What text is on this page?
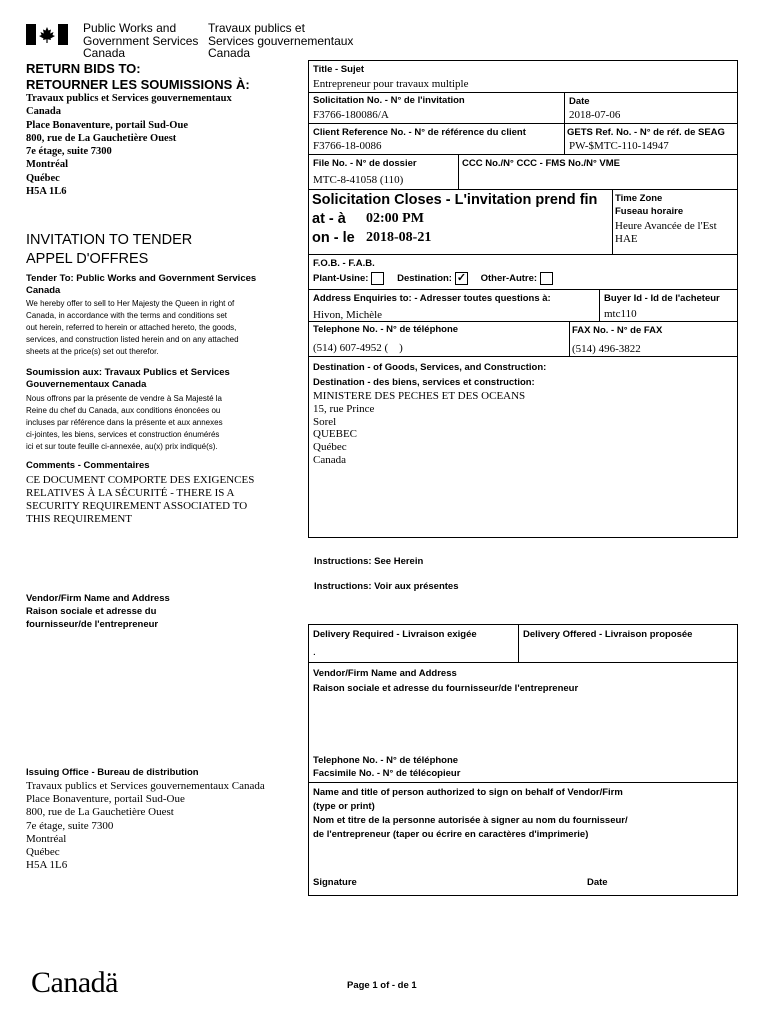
Public Works and
Government Services
Canada
Travaux publics et
Services gouvernementaux
Canada
RETURN BIDS TO:
RETOURNER LES SOUMISSIONS À:
Travaux publics et Services gouvernementaux
Canada
Place Bonaventure, portail Sud-Oue
800, rue de La Gauchetière Ouest
7e étage, suite 7300
Montréal
Québec
H5A 1L6
INVITATION TO TENDER
APPEL D'OFFRES
Tender To: Public Works and Government Services Canada
We hereby offer to sell to Her Majesty the Queen in right of
Canada, in accordance with the terms and conditions set
out herein, referred to herein or attached hereto, the goods,
services, and construction listed herein and on any attached
sheets at the price(s) set out therefor.
Soumission aux: Travaux Publics et Services Gouvernementaux Canada
Nous offrons par la présente de vendre à Sa Majesté la
Reine du chef du Canada, aux conditions énoncées ou
incluses par référence dans la présente et aux annexes
ci-jointes, les biens, services et construction énumérés
ici et sur toute feuille ci-annexée, au(x) prix indiqué(s).
Comments - Commentaires
CE DOCUMENT COMPORTE DES EXIGENCES
RELATIVES À LA SÉCURITÉ - THERE IS A
SECURITY REQUIREMENT ASSOCIATED TO
THIS REQUIREMENT
Vendor/Firm Name and Address
Raison sociale et adresse du
fournisseur/de l'entrepreneur
Issuing Office - Bureau de distribution
Travaux publics et Services gouvernementaux Canada
Place Bonaventure, portail Sud-Oue
800, rue de La Gauchetière Ouest
7e étage, suite 7300
Montréal
Québec
H5A 1L6
Title - Sujet
Entrepreneur pour travaux multiple
Solicitation No. - N° de l'invitation
F3766-180086/A
Date
2018-07-06
Client Reference No. - N° de référence du client
F3766-18-0086
GETS Ref. No. - N° de réf. de SEAG
PW-$MTC-110-14947
File No. - N° de dossier
MTC-8-41058 (110)
CCC No./N° CCC - FMS No./N° VME
Solicitation Closes - L'invitation prend fin
at - à 02:00 PM
on - le 2018-08-21
Time Zone
Fuseau horaire
Heure Avancée de l'Est
HAE
F.O.B. - F.A.B.
Plant-Usine:	Destination: ✓ Other-Autre:
Address Enquiries to: - Adresser toutes questions à:
Hivon, Michèle
Buyer Id - Id de l'acheteur
mtc110
Telephone No. - N° de téléphone
(514) 607-4952 (    )
FAX No. - N° de FAX
(514) 496-3822
Destination - of Goods, Services, and Construction:
Destination - des biens, services et construction:
MINISTERE DES PECHES ET DES OCEANS
15, rue Prince
Sorel
QUEBEC
Québec
Canada
Instructions: See Herein
Instructions: Voir aux présentes
Delivery Required - Livraison exigée
.
Delivery Offered - Livraison proposée
Vendor/Firm Name and Address
Raison sociale et adresse du fournisseur/de l'entrepreneur
Telephone No. - N° de téléphone
Facsimile No. - N° de télécopieur
Name and title of person authorized to sign on behalf of Vendor/Firm
(type or print)
Nom et titre de la personne autorisée à signer au nom du fournisseur/
de l'entrepreneur (taper ou écrire en caractères d'imprimerie)
Signature	Date
Canadä	Page 1 of - de 1
